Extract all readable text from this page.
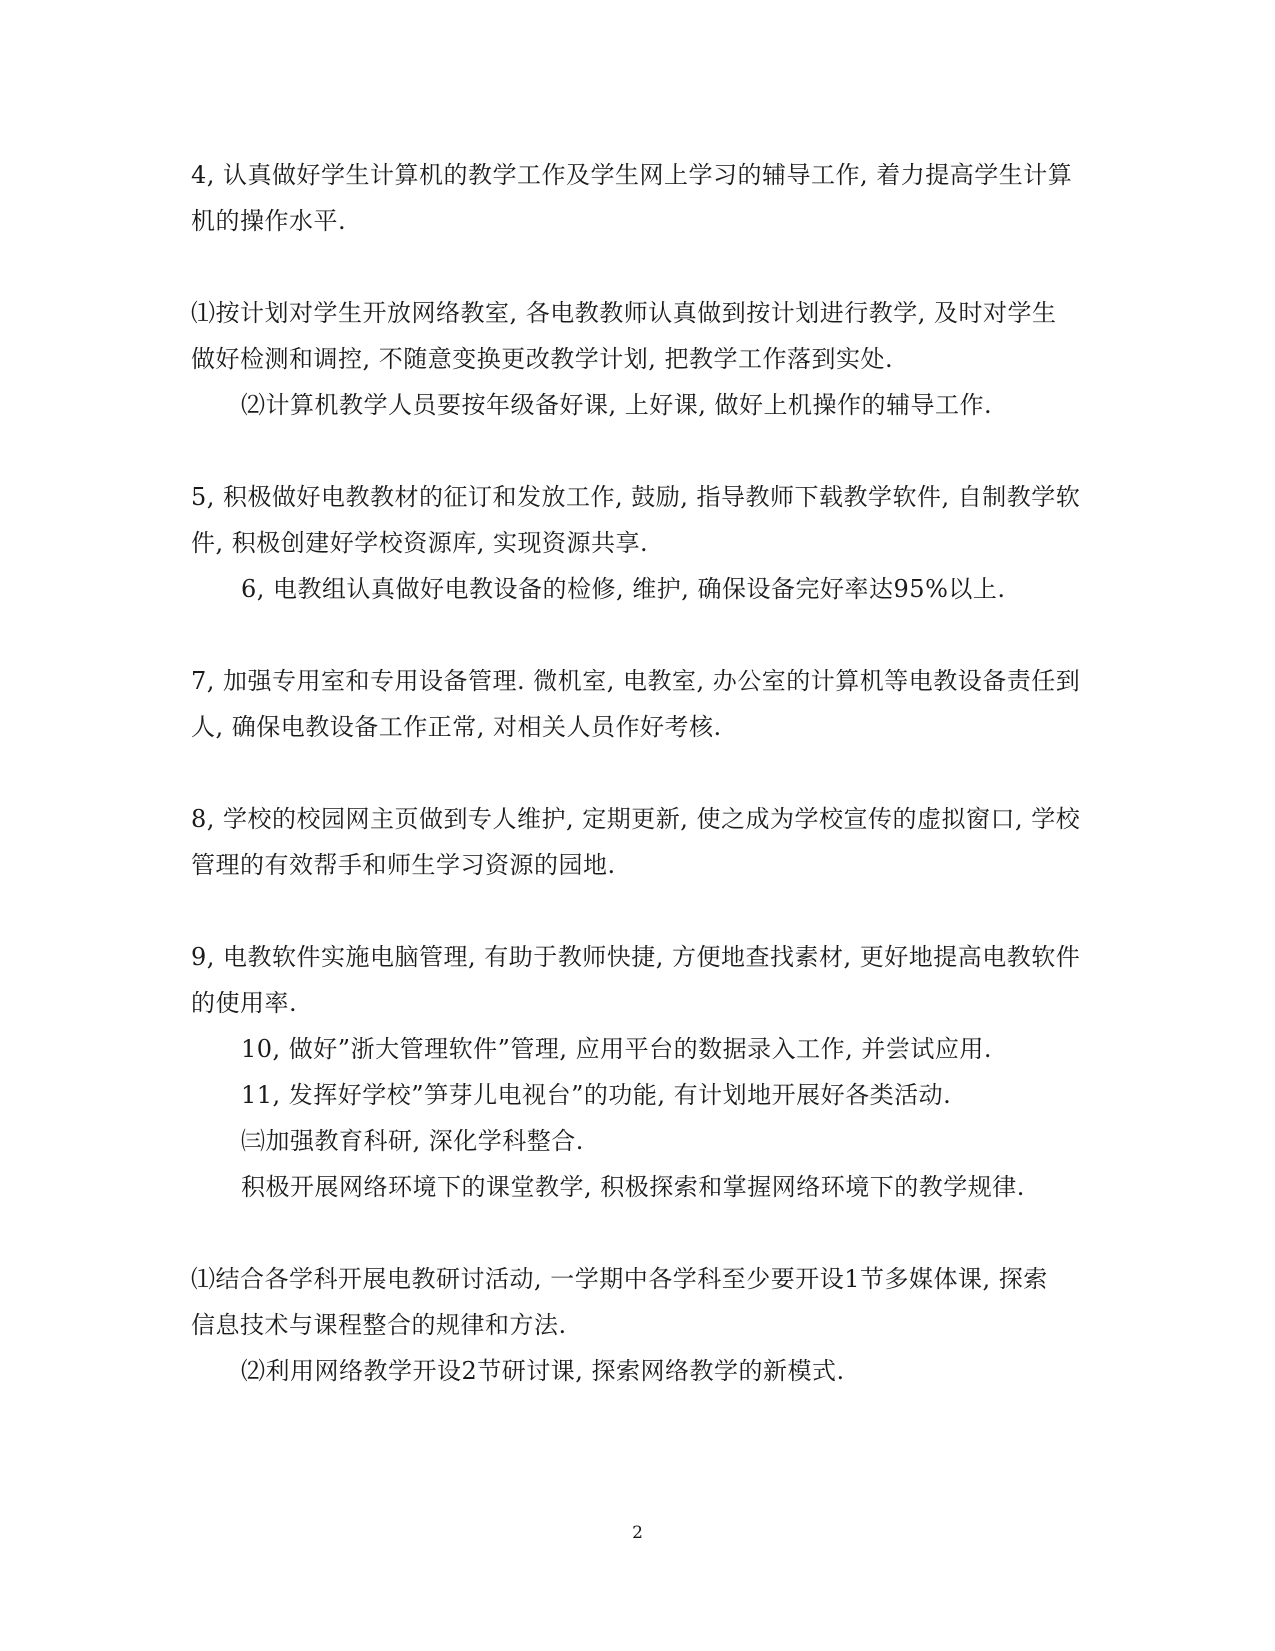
4, 认真做好学生计算机的教学工作及学生网上学习的辅导工作, 着力提高学生计算
机的操作水平.
⑴按计划对学生开放网络教室, 各电教教师认真做到按计划进行教学, 及时对学生
做好检测和调控, 不随意变换更改教学计划, 把教学工作落到实处.
⑵计算机教学人员要按年级备好课, 上好课, 做好上机操作的辅导工作.
5, 积极做好电教教材的征订和发放工作, 鼓励, 指导教师下载教学软件, 自制教学软
件, 积极创建好学校资源库, 实现资源共享.
6, 电教组认真做好电教设备的检修, 维护, 确保设备完好率达95%以上.
7, 加强专用室和专用设备管理. 微机室, 电教室, 办公室的计算机等电教设备责任到
人, 确保电教设备工作正常, 对相关人员作好考核.
8, 学校的校园网主页做到专人维护, 定期更新, 使之成为学校宣传的虚拟窗口, 学校
管理的有效帮手和师生学习资源的园地.
9, 电教软件实施电脑管理, 有助于教师快捷, 方便地查找素材, 更好地提高电教软件
的使用率.
10, 做好”浙大管理软件”管理, 应用平台的数据录入工作, 并尝试应用.
11, 发挥好学校”笋芽儿电视台”的功能, 有计划地开展好各类活动.
㈢加强教育科研, 深化学科整合.
积极开展网络环境下的课堂教学, 积极探索和掌握网络环境下的教学规律.
⑴结合各学科开展电教研讨活动, 一学期中各学科至少要开设1节多媒体课, 探索
信息技术与课程整合的规律和方法.
⑵利用网络教学开设2节研讨课, 探索网络教学的新模式.
2
